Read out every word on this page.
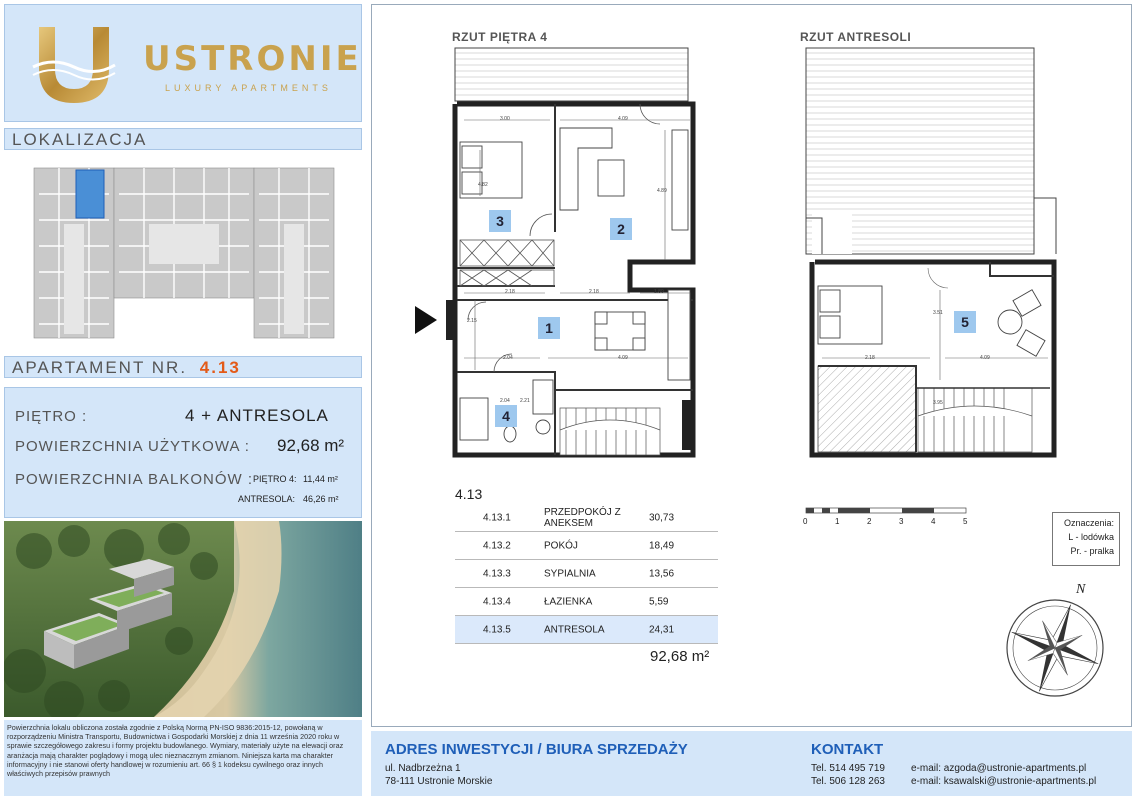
USTRONIE
LUXURY APARTMENTS
LOKALIZACJA
APARTAMENT NR. 4.13
PIĘTRO :	4 + ANTRESOLA
POWIERZCHNIA UŻYTKOWA : 92,68 m²
POWIERZCHNIA BALKONÓW : PIĘTRO 4: 11,44 m²
ANTRESOLA: 46,26 m²
Powierzchnia lokalu obliczona została zgodnie z Polską Normą PN-ISO 9836:2015-12, powołaną w rozporządzeniu Ministra Transportu, Budownictwa i Gospodarki Morskiej z dnia 11 września 2020 roku w sprawie szczegółowego zakresu i formy projektu budowlanego. Wymiary, materiały użyte na elewacji oraz aranżacja mają charakter poglądowy i mogą ulec nieznacznym zmianom. Niniejsza karta ma charakter informacyjny i nie stanowi oferty handlowej w rozumieniu art. 66 § 1 kodeksu cywilnego oraz innych właściwych przepisów prawnych
RZUT PIĘTRA 4	RZUT ANTRESOLI
1
2
3
4
5
3.00	4.09
4.82
4.89
2.18	2.18	1.89
2.15
4.09
2.04
2.21
2.18	4.09
3.51
2.04	3.95
0	1	2	3	4	5
N
4.13
4.13.1	PRZEDPOKÓJ Z ANEKSEM	30,73
4.13.2	POKÓJ	18,49
4.13.3	SYPIALNIA	13,56
4.13.4	ŁAZIENKA	5,59
4.13.5	ANTRESOLA	24,31
92,68 m²
Oznaczenia:
L - lodówka
Pr. - pralka
ADRES INWESTYCJI / BIURA SPRZEDAŻY
ul. Nadbrzeżna 1
78-111 Ustronie Morskie
KONTAKT
Tel. 514 495 719
Tel. 506 128 263
e-mail: azgoda@ustronie-apartments.pl
e-mail: ksawalski@ustronie-apartments.pl
